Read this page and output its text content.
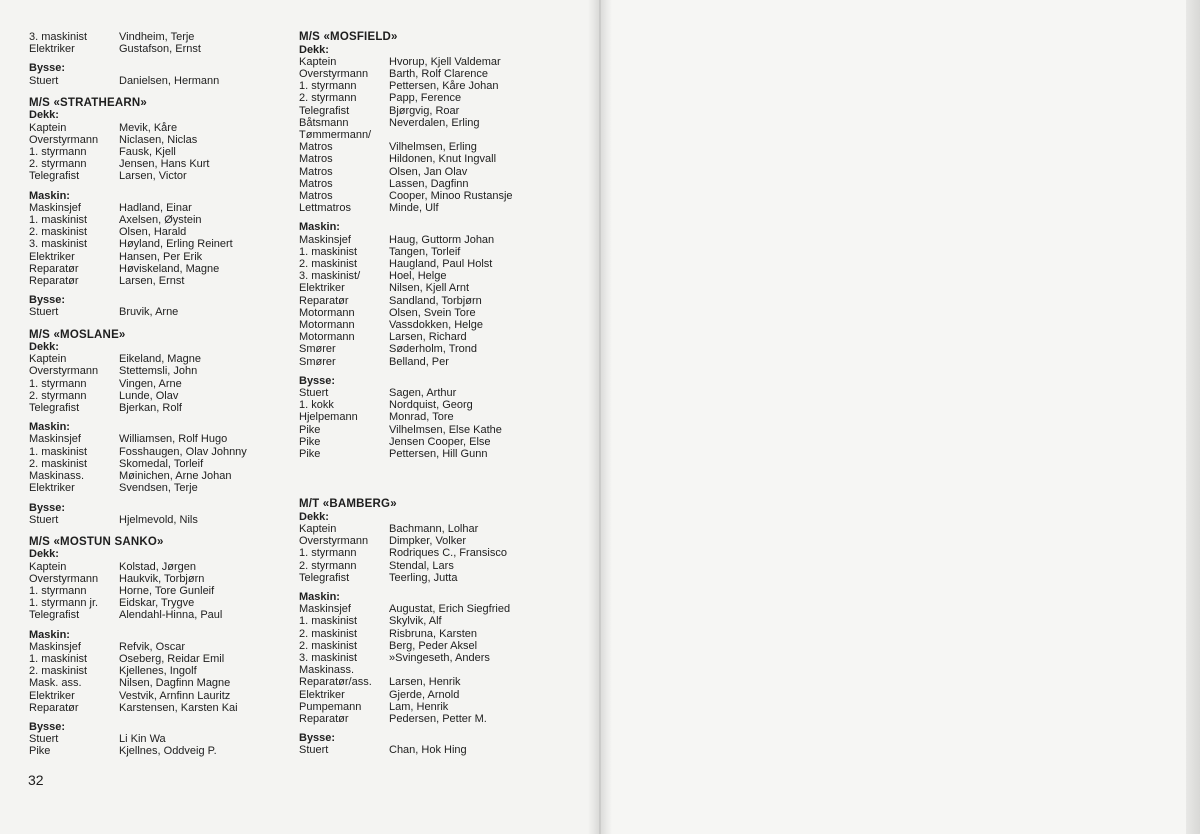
3. maskinist	Vindheim, Terje
Elektriker	Gustafson, Ernst
Bysse:
Stuert	Danielsen, Hermann
M/S «STRATHEARN»
Dekk:
Kaptein	Mevik, Kåre
Overstyrmann	Niclasen, Niclas
1. styrmann	Fausk, Kjell
2. styrmann	Jensen, Hans Kurt
Telegrafist	Larsen, Victor
Maskin:
Maskinsjef	Hadland, Einar
1. maskinist	Axelsen, Øystein
2. maskinist	Olsen, Harald
3. maskinist	Høyland, Erling Reinert
Elektriker	Hansen, Per Erik
Reparatør	Høviskeland, Magne
Reparatør	Larsen, Ernst
Bysse:
Stuert	Bruvik, Arne
M/S «MOSLANE»
Dekk:
Kaptein	Eikeland, Magne
Overstyrmann	Stettemsli, John
1. styrmann	Vingen, Arne
2. styrmann	Lunde, Olav
Telegrafist	Bjerkan, Rolf
Maskin:
Maskinsjef	Williamsen, Rolf Hugo
1. maskinist	Fosshaugen, Olav Johnny
2. maskinist	Skomedal, Torleif
Maskinass.	Møinichen, Arne Johan
Elektriker	Svendsen, Terje
Bysse:
Stuert	Hjelmevold, Nils
M/S «MOSTUN SANKO»
Dekk:
Kaptein	Kolstad, Jørgen
Overstyrmann	Haukvik, Torbjørn
1. styrmann	Horne, Tore Gunleif
1. styrmann jr.	Eidskar, Trygve
Telegrafist	Alendahl-Hinna, Paul
Maskin:
Maskinsjef	Refvik, Oscar
1. maskinist	Oseberg, Reidar Emil
2. maskinist	Kjellenes, Ingolf
Mask. ass.	Nilsen, Dagfinn Magne
Elektriker	Vestvik, Arnfinn Lauritz
Reparatør	Karstensen, Karsten Kai
Bysse:
Stuert	Li Kin Wa
Pike	Kjellnes, Oddveig P.
M/S «MOSFIELD»
Dekk:
Kaptein	Hvorup, Kjell Valdemar
Overstyrmann	Barth, Rolf Clarence
1. styrmann	Pettersen, Kåre Johan
2. styrmann	Papp, Ference
Telegrafist	Bjørgvig, Roar
Båtsmann	Neverdalen, Erling
Tømmermann/
Matros	Vilhelmsen, Erling
Matros	Hildonen, Knut Ingvall
Matros	Olsen, Jan Olav
Matros	Lassen, Dagfinn
Matros	Cooper, Minoo Rustansje
Lettmatros	Minde, Ulf
Maskin:
Maskinsjef	Haug, Guttorm Johan
1. maskinist	Tangen, Torleif
2. maskinist	Haugland, Paul Holst
3. maskinist/	Hoel, Helge
Elektriker	Nilsen, Kjell Arnt
Reparatør	Sandland, Torbjørn
Motormann	Olsen, Svein Tore
Motormann	Vassdokken, Helge
Motormann	Larsen, Richard
Smører	Søderholm, Trond
Smører	Belland, Per
Bysse:
Stuert	Sagen, Arthur
1. kokk	Nordquist, Georg
Hjelpemann	Monrad, Tore
Pike	Vilhelmsen, Else Kathe
Pike	Jensen Cooper, Else
Pike	Pettersen, Hill Gunn
M/T «BAMBERG»
Dekk:
Kaptein	Bachmann, Lolhar
Overstyrmann	Dimpker, Volker
1. styrmann	Rodriques C., Fransisco
2. styrmann	Stendal, Lars
Telegrafist	Teerling, Jutta
Maskin:
Maskinsjef	Augustat, Erich Siegfried
1. maskinist	Skylvik, Alf
2. maskinist	Risbruna, Karsten
2. maskinist	Berg, Peder Aksel
3. maskinist	»Svingeseth, Anders
Maskinass.
Reparatør/ass.	Larsen, Henrik
Elektriker	Gjerde, Arnold
Pumpemann	Lam, Henrik
Reparatør	Pedersen, Petter M.
Bysse:
Stuert	Chan, Hok Hing
32
